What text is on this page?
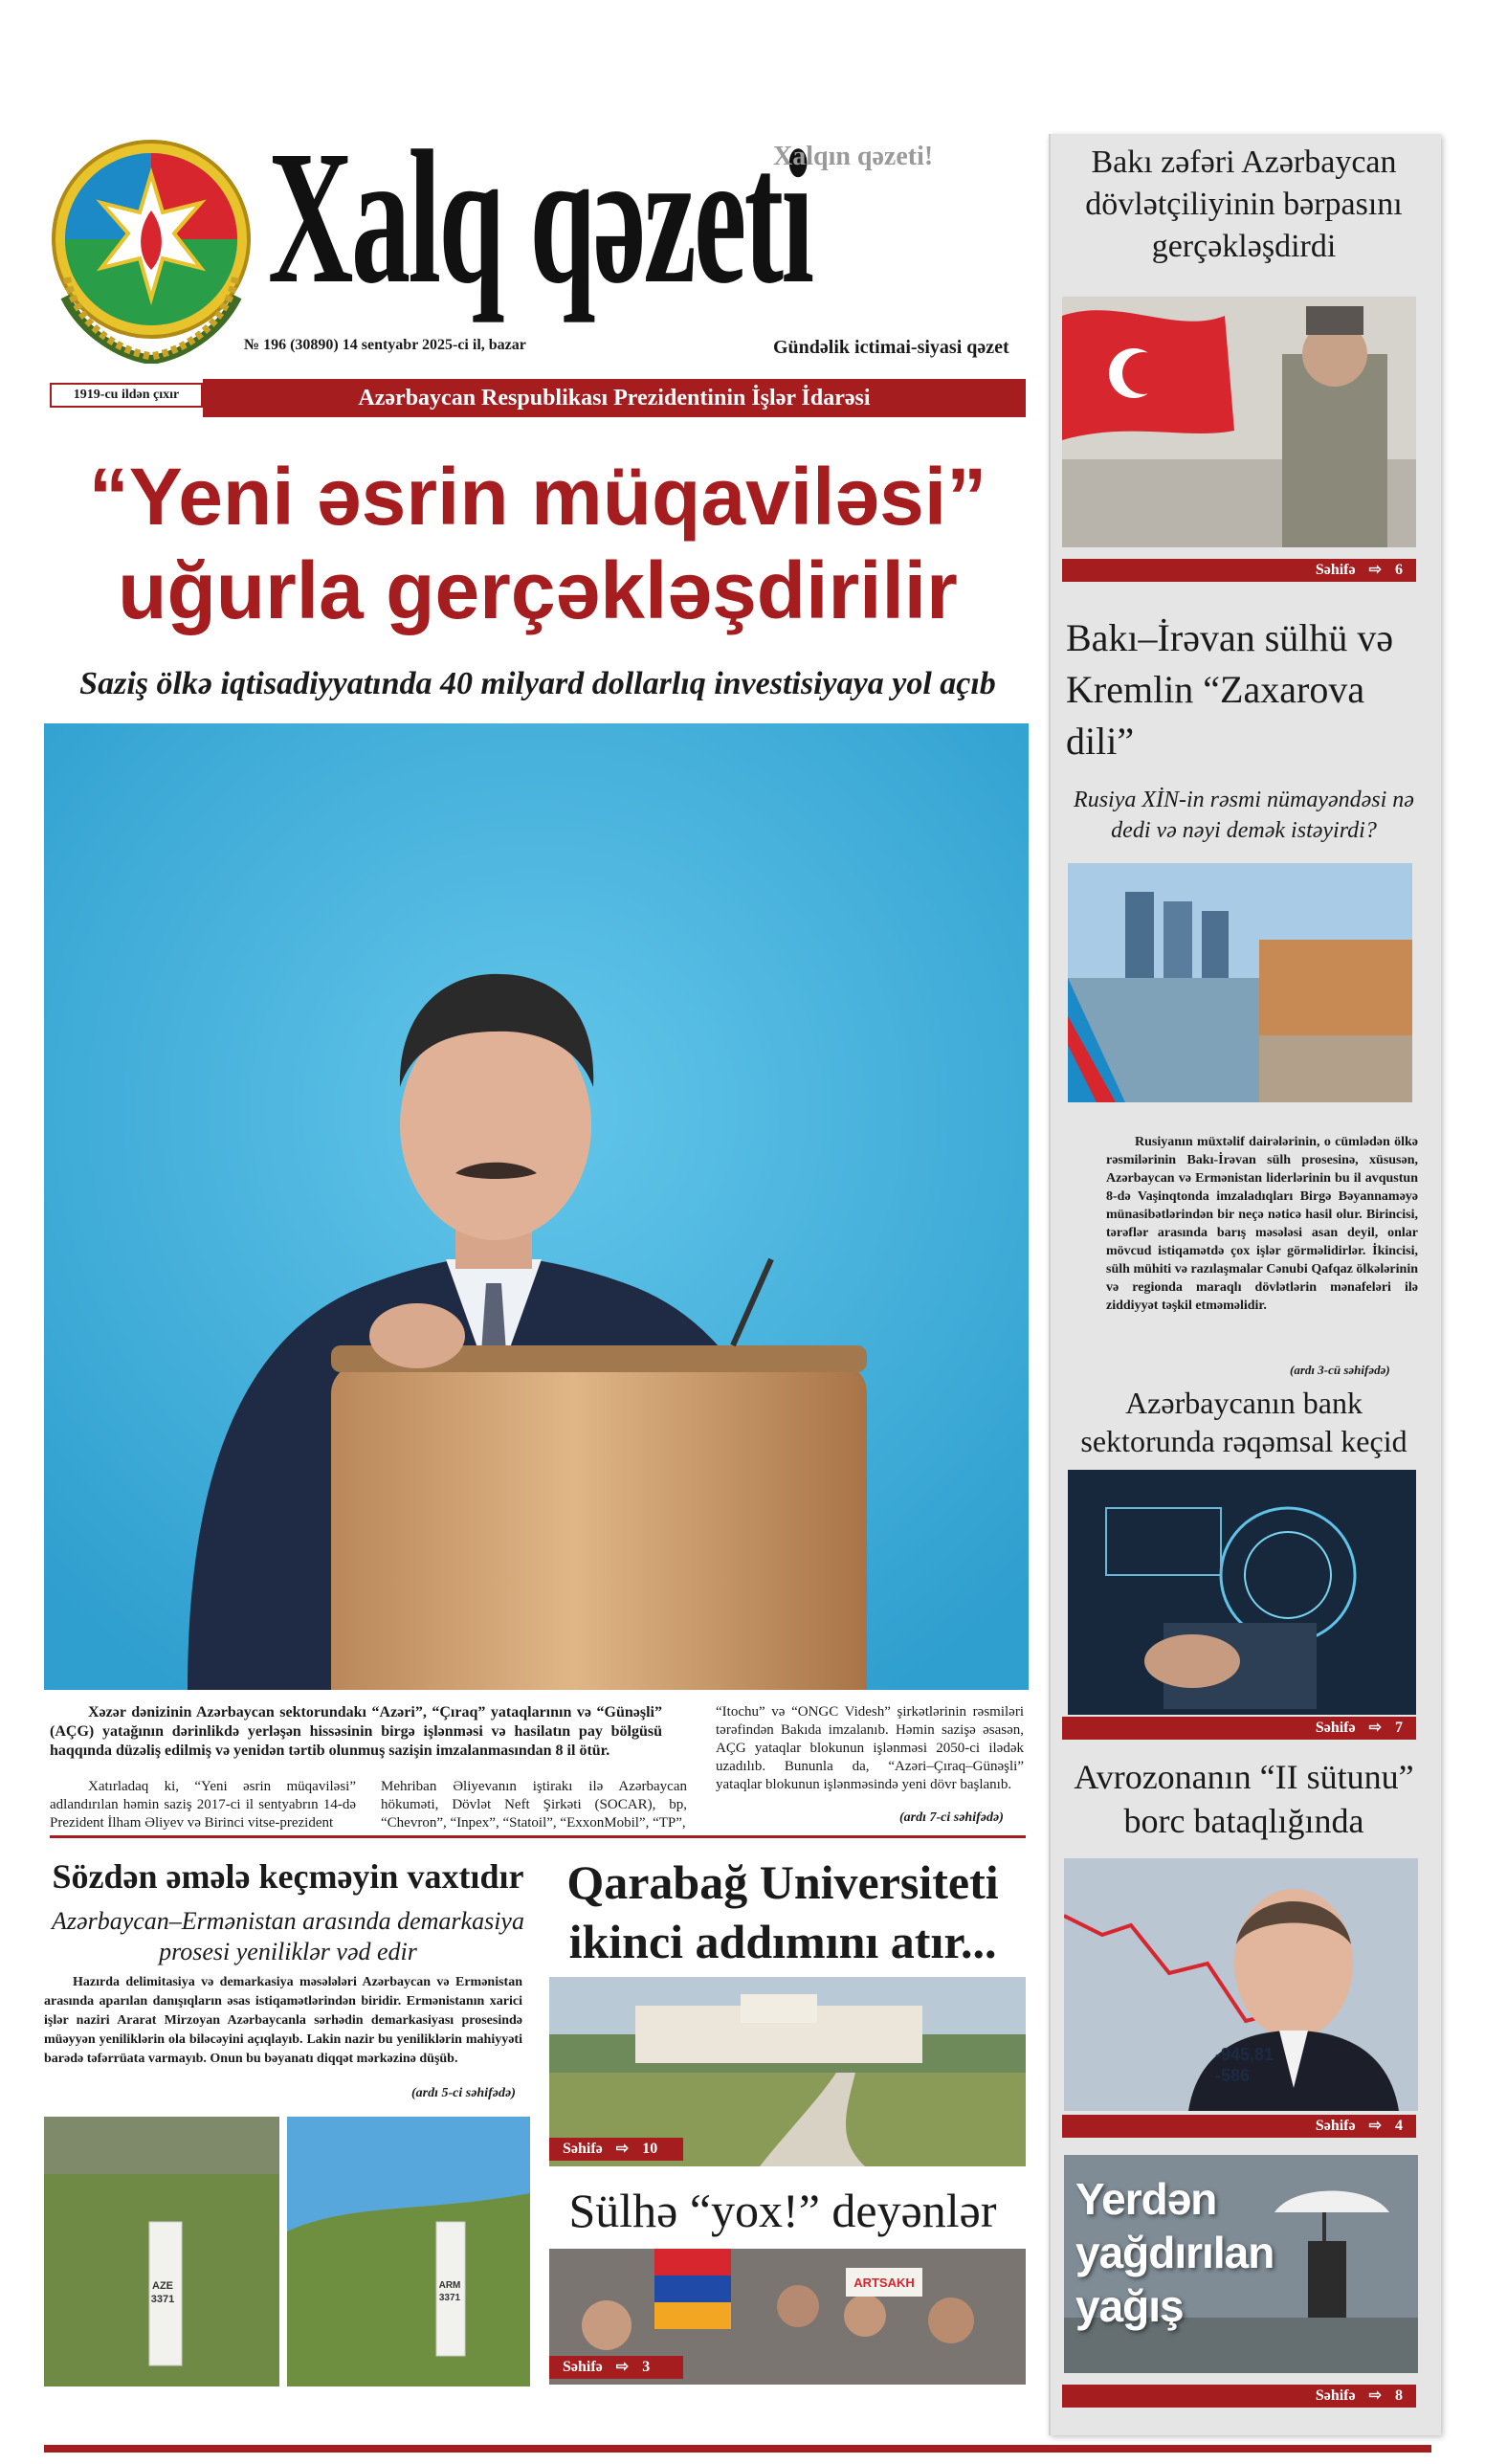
Xalq qəzeti
Xalqın qəzeti!
№ 196 (30890) 14 sentyabr 2025-ci il, bazar	Gündəlik ictimai-siyasi qəzet
1919-cu ildən çıxır	Azərbaycan Respublikası Prezidentinin İşlər İdarəsi
“Yeni əsrin müqaviləsi”
uğurla gerçəkləşdirilir
Saziş ölkə iqtisadiyyatında 40 milyard dollarlıq investisiyaya yol açıb
Xəzər dənizinin Azərbaycan sektorundakı “Azəri”, “Çıraq” yataqlarının və “Günəşli” (AÇG) yatağının dərinlikdə yerləşən hissəsinin birgə işlənməsi və hasilatın pay bölgüsü haqqında düzəliş edilmiş və yenidən tərtib olunmuş sazişin imzalanmasından 8 il ötür.
Xatırladaq ki, “Yeni əsrin müqaviləsi” adlandırılan həmin saziş 2017-ci il sentyabrın 14-də Prezident İlham Əliyev və Birinci vitse-prezident
Mehriban Əliyevanın iştirakı ilə Azərbaycan hökuməti, Dövlət Neft Şirkəti (SOCAR), bp, “Chevron”, “Inpex”, “Statoil”, “ExxonMobil”, “TP”,
“Itochu” və “ONGC Videsh” şirkətlərinin rəsmiləri tərəfindən Bakıda imzalanıb. Həmin sazişə əsasən, AÇG yataqlar blokunun işlənməsi 2050-ci ilədək uzadılıb. Bununla da, “Azəri–Çıraq–Günəşli” yataqlar blokunun işlənməsində yeni dövr başlanıb.
(ardı 7-ci səhifədə)
Sözdən əmələ keçməyin vaxtıdır
Azərbaycan–Ermənistan arasında demarkasiya prosesi yeniliklər vəd edir
Hazırda delimitasiya və demarkasiya məsələləri Azərbaycan və Ermənistan arasında aparılan danışıqların əsas istiqamətlərindən biridir. Ermənistanın xarici işlər naziri Ararat Mirzoyan Azərbaycanla sərhədin demarkasiyası prosesində müəyyən yeniliklərin ola biləcəyini açıqlayıb. Lakin nazir bu yeniliklərin mahiyyəti barədə təfərrüata varmayıb. Onun bu bəyanatı diqqət mərkəzinə düşüb.
(ardı 5-ci səhifədə)
Qarabağ Universiteti ikinci addımını atır...
Səhifə ⇨ 10
Sülhə “yox!” deyənlər
Səhifə ⇨ 3
Bakı zəfəri Azərbaycan dövlətçiliyinin bərpasını gerçəkləşdirdi
Səhifə ⇨ 6
Bakı–İrəvan sülhü və Kremlin “Zaxarova dili”
Rusiya XİN-in rəsmi nümayəndəsi nə dedi və nəyi demək istəyirdi?
Rusiyanın müxtəlif dairələrinin, o cümlədən ölkə rəsmilərinin Bakı-İrəvan sülh prosesinə, xüsusən, Azərbaycan və Ermənistan liderlərinin bu il avqustun 8-də Vaşinqtonda imzaladıqları Birgə Bəyannaməyə münasibətlərindən bir neçə nəticə hasil olur. Birincisi, tərəflər arasında barış məsələsi asan deyil, onlar mövcud istiqamətdə çox işlər görməlidirlər. İkincisi, sülh mühiti və razılaşmalar Cənubi Qafqaz ölkələrinin və regionda maraqlı dövlətlərin mənafeləri ilə ziddiyyət təşkil etməməlidir.
(ardı 3-cü səhifədə)
Azərbaycanın bank sektorunda rəqəmsal keçid
Səhifə ⇨ 7
Avrozonanın “II sütunu” borc bataqlığında
Səhifə ⇨ 4
Yerdən
yağdırılan
yağış
Səhifə ⇨ 8
AZE
3371
ARM
3371
ARTSAKH
-945,81
-586
